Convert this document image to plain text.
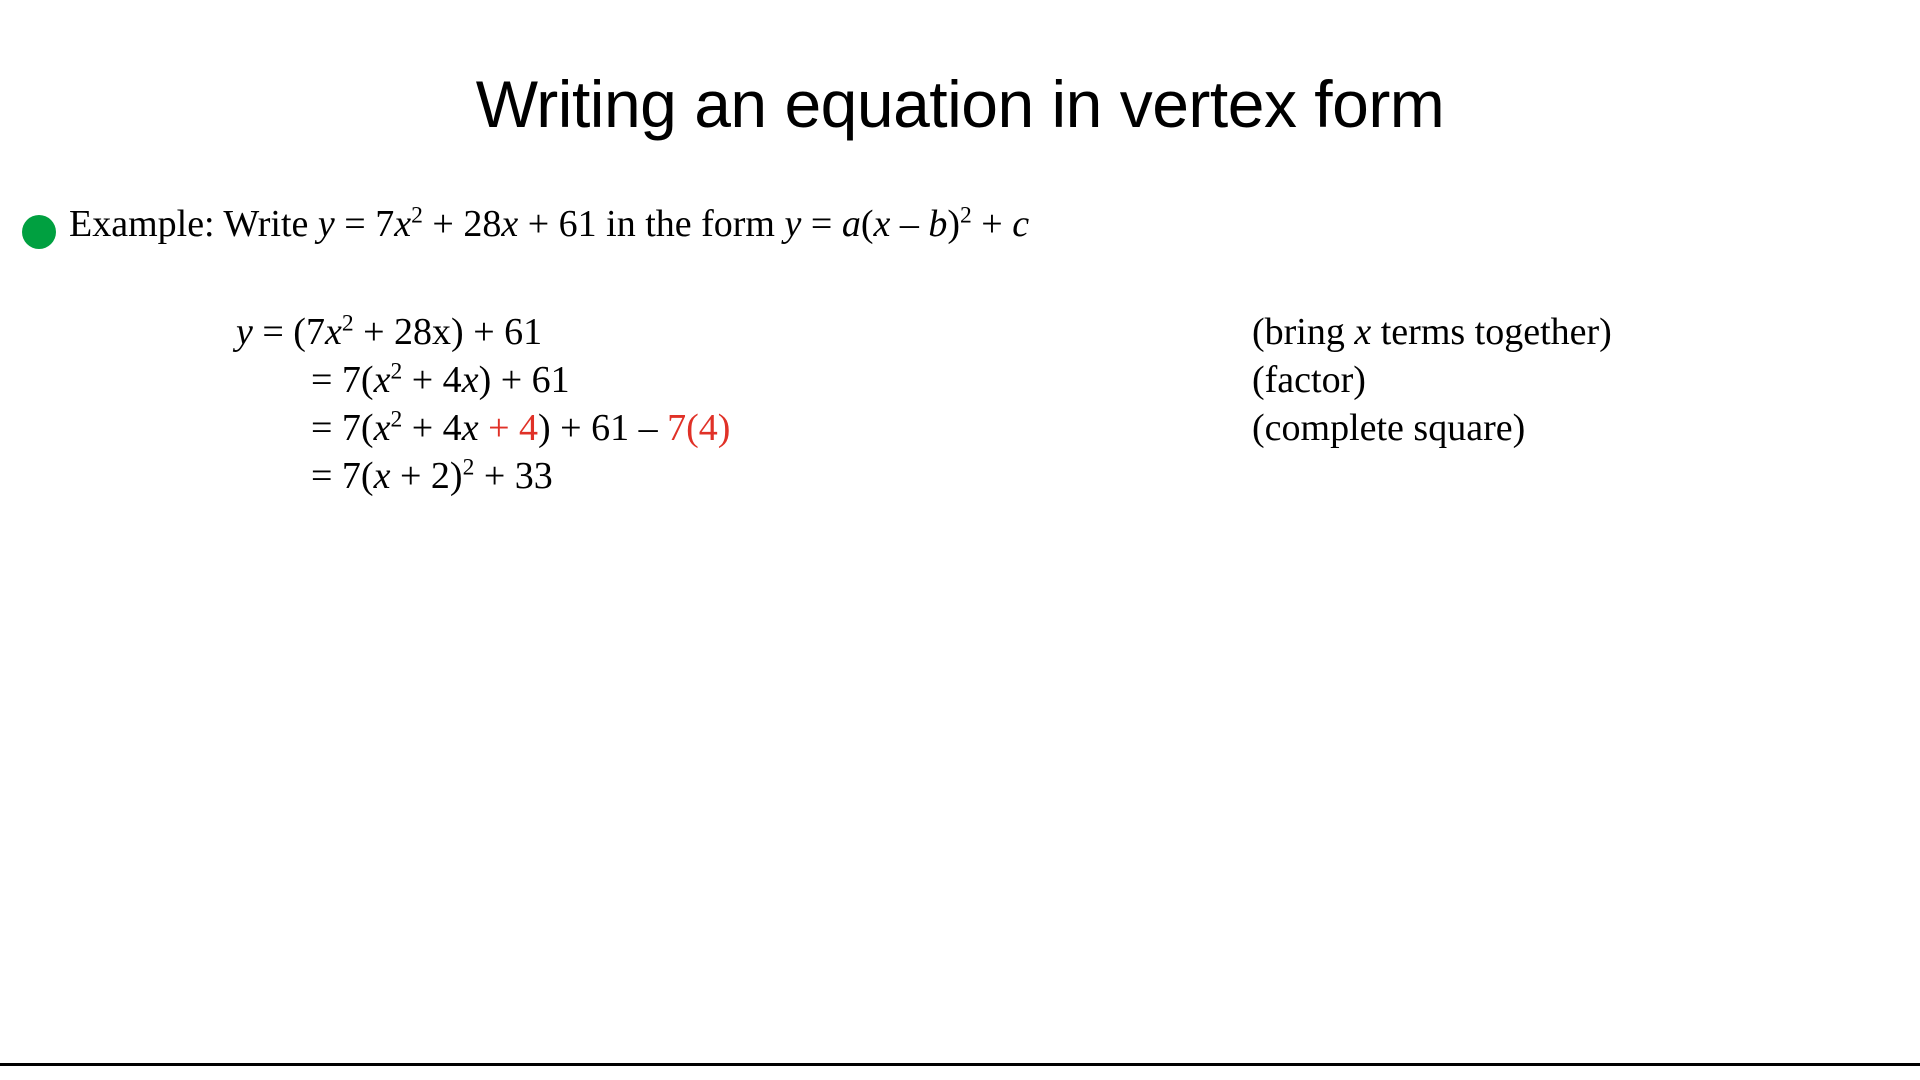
Writing an equation in vertex form
Example: Write $y = 7x^2 + 28x + 61$ in the form y = a(x – b)$^2$ + c
$y = (7x^2 + 28x) + 61$
= $7(x^2 + 4x) + 61$
= $7(x^2 + 4x + 4) + 61 - 7(4)$
= $7(x + 2)^2 + 33$
(bring x terms together)
(factor)
(complete square)
